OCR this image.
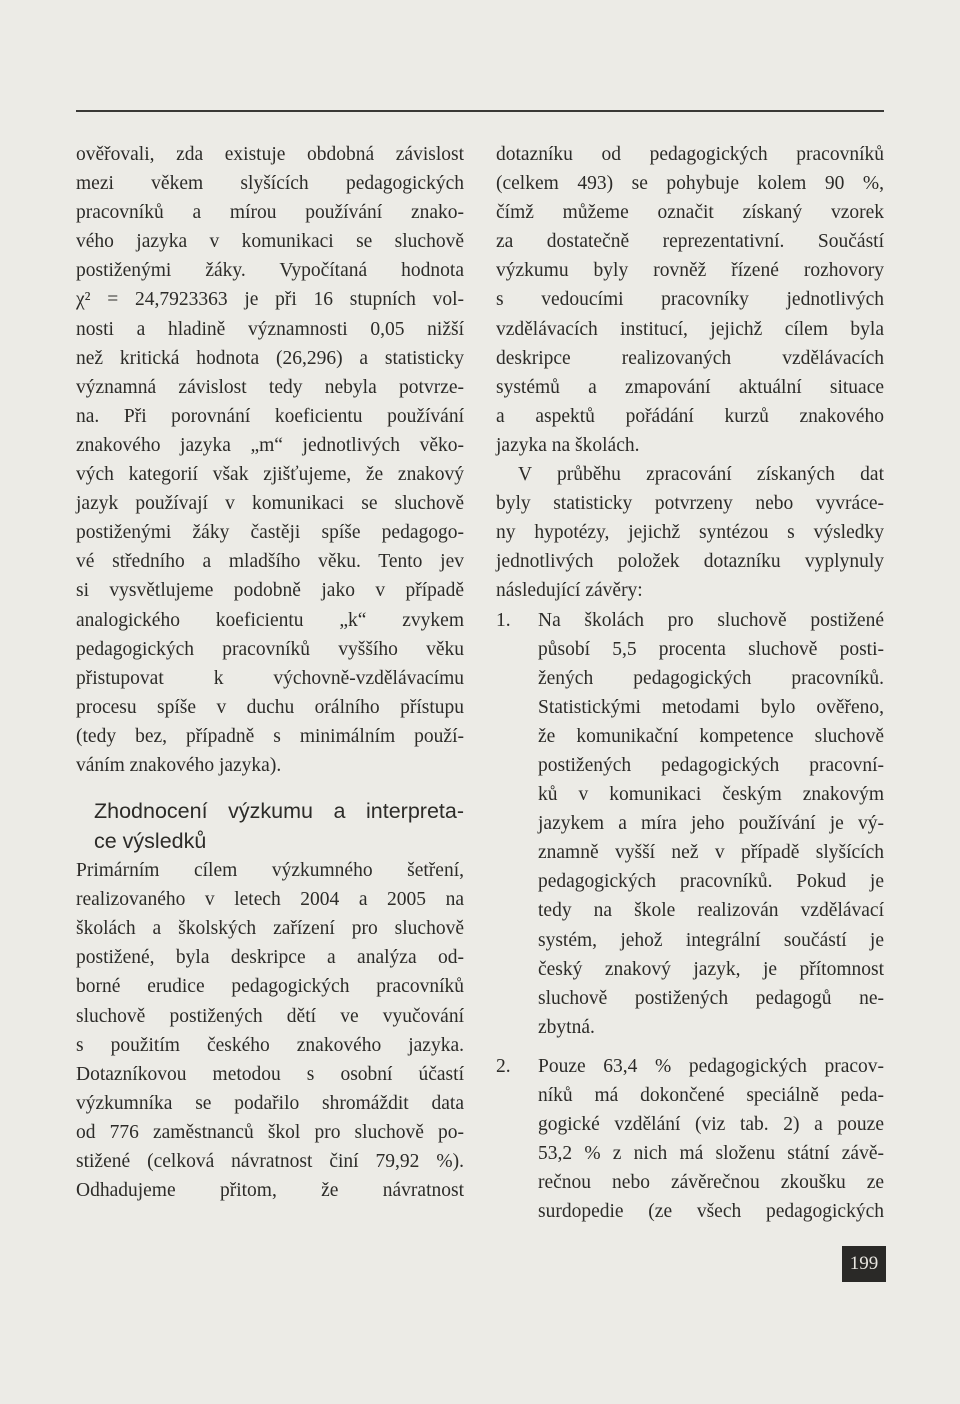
ověřovali, zda existuje obdobná závislost
mezi věkem slyšících pedagogických
pracovníků a mírou používání znako-
vého jazyka v komunikaci se sluchově
postiženými žáky. Vypočítaná hodnota
χ² = 24,7923363 je při 16 stupních vol-
nosti a hladině významnosti 0,05 nižší
než kritická hodnota (26,296) a statisticky
významná závislost tedy nebyla potvrze-
na. Při porovnání koeficientu používání
znakového jazyka „m“ jednotlivých věko-
vých kategorií však zjišťujeme, že znakový
jazyk používají v komunikaci se sluchově
postiženými žáky častěji spíše pedagogo-
vé středního a mladšího věku. Tento jev
si vysvětlujeme podobně jako v případě
analogického koeficientu „k“ zvykem
pedagogických pracovníků vyššího věku
přistupovat k výchovně-vzdělávacímu
procesu spíše v duchu orálního přístupu
(tedy bez, případně s minimálním použí-
váním znakového jazyka).
Zhodnocení výzkumu a interpreta-
ce výsledků
Primárním cílem výzkumného šetření,
realizovaného v letech 2004 a 2005 na
školách a školských zařízení pro sluchově
postižené, byla deskripce a analýza od-
borné erudice pedagogických pracovníků
sluchově postižených dětí ve vyučování
s použitím českého znakového jazyka.
Dotazníkovou metodou s osobní účastí
výzkumníka se podařilo shromáždit data
od 776 zaměstnanců škol pro sluchově po-
stižené (celková návratnost činí 79,92 %).
Odhadujeme přitom, že návratnost
dotazníku od pedagogických pracovníků
(celkem 493) se pohybuje kolem 90 %,
čímž můžeme označit získaný vzorek
za dostatečně reprezentativní. Součástí
výzkumu byly rovněž řízené rozhovory
s vedoucími pracovníky jednotlivých
vzdělávacích institucí, jejichž cílem byla
deskripce realizovaných vzdělávacích
systémů a zmapování aktuální situace
a aspektů pořádání kurzů znakového
jazyka na školách.
V průběhu zpracování získaných dat
byly statisticky potvrzeny nebo vyvráce-
ny hypotézy, jejichž syntézou s výsledky
jednotlivých položek dotazníku vyplynuly
následující závěry:
1. Na školách pro sluchově postižené
působí 5,5 procenta sluchově posti-
žených pedagogických pracovníků.
Statistickými metodami bylo ověřeno,
že komunikační kompetence sluchově
postižených pedagogických pracovní-
ků v komunikaci českým znakovým
jazykem a míra jeho používání je vý-
znamně vyšší než v případě slyšících
pedagogických pracovníků. Pokud je
tedy na škole realizován vzdělávací
systém, jehož integrální součástí je
český znakový jazyk, je přítomnost
sluchově postižených pedagogů ne-
zbytná.
2. Pouze 63,4 % pedagogických pracov-
níků má dokončené speciálně peda-
gogické vzdělání (viz tab. 2) a pouze
53,2 % z nich má složenu státní závě-
rečnou nebo závěrečnou zkoušku ze
surdopedie (ze všech pedagogických
199
